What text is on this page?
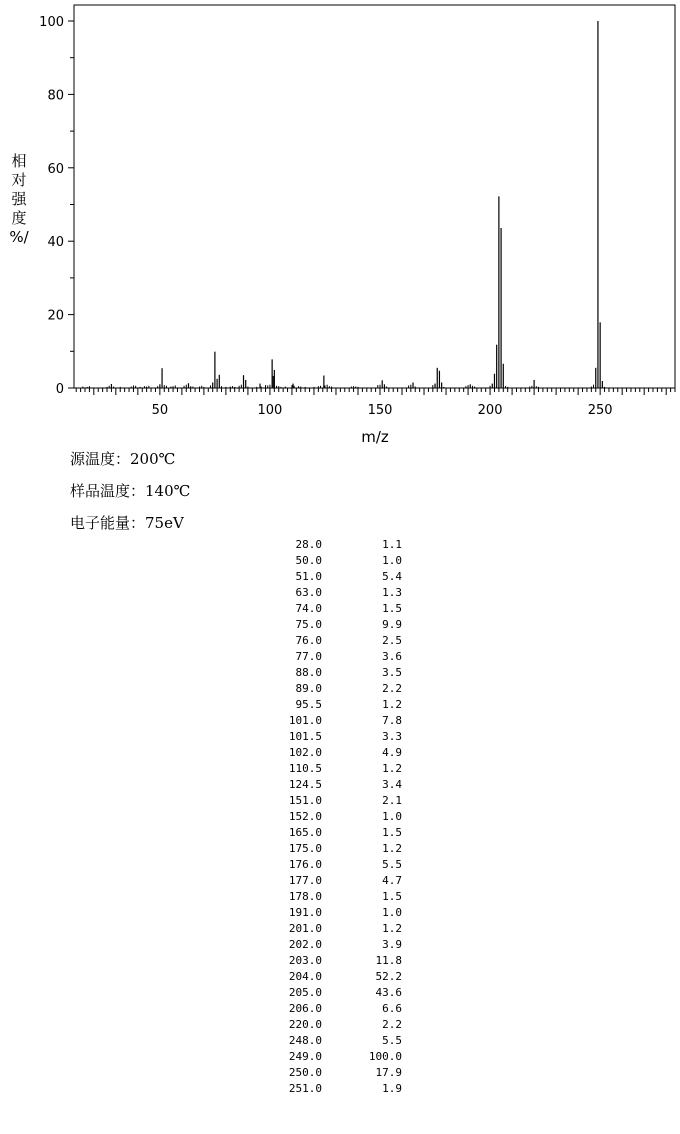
相
对
强
度
%/
0
20
40
60
80
100
50	100	150	200	250
m/z
源温度：200℃
样品温度：140℃
电子能量：75eV
28.0	1.1
50.0	1.0
51.0	5.4
63.0	1.3
74.0	1.5
75.0	9.9
76.0	2.5
77.0	3.6
88.0	3.5
89.0	2.2
95.5	1.2
101.0	7.8
101.5	3.3
102.0	4.9
110.5	1.2
124.5	3.4
151.0	2.1
152.0	1.0
165.0	1.5
175.0	1.2
176.0	5.5
177.0	4.7
178.0	1.5
191.0	1.0
201.0	1.2
202.0	3.9
203.0	11.8
204.0	52.2
205.0	43.6
206.0	6.6
220.0	2.2
248.0	5.5
249.0	100.0
250.0	17.9
251.0	1.9
